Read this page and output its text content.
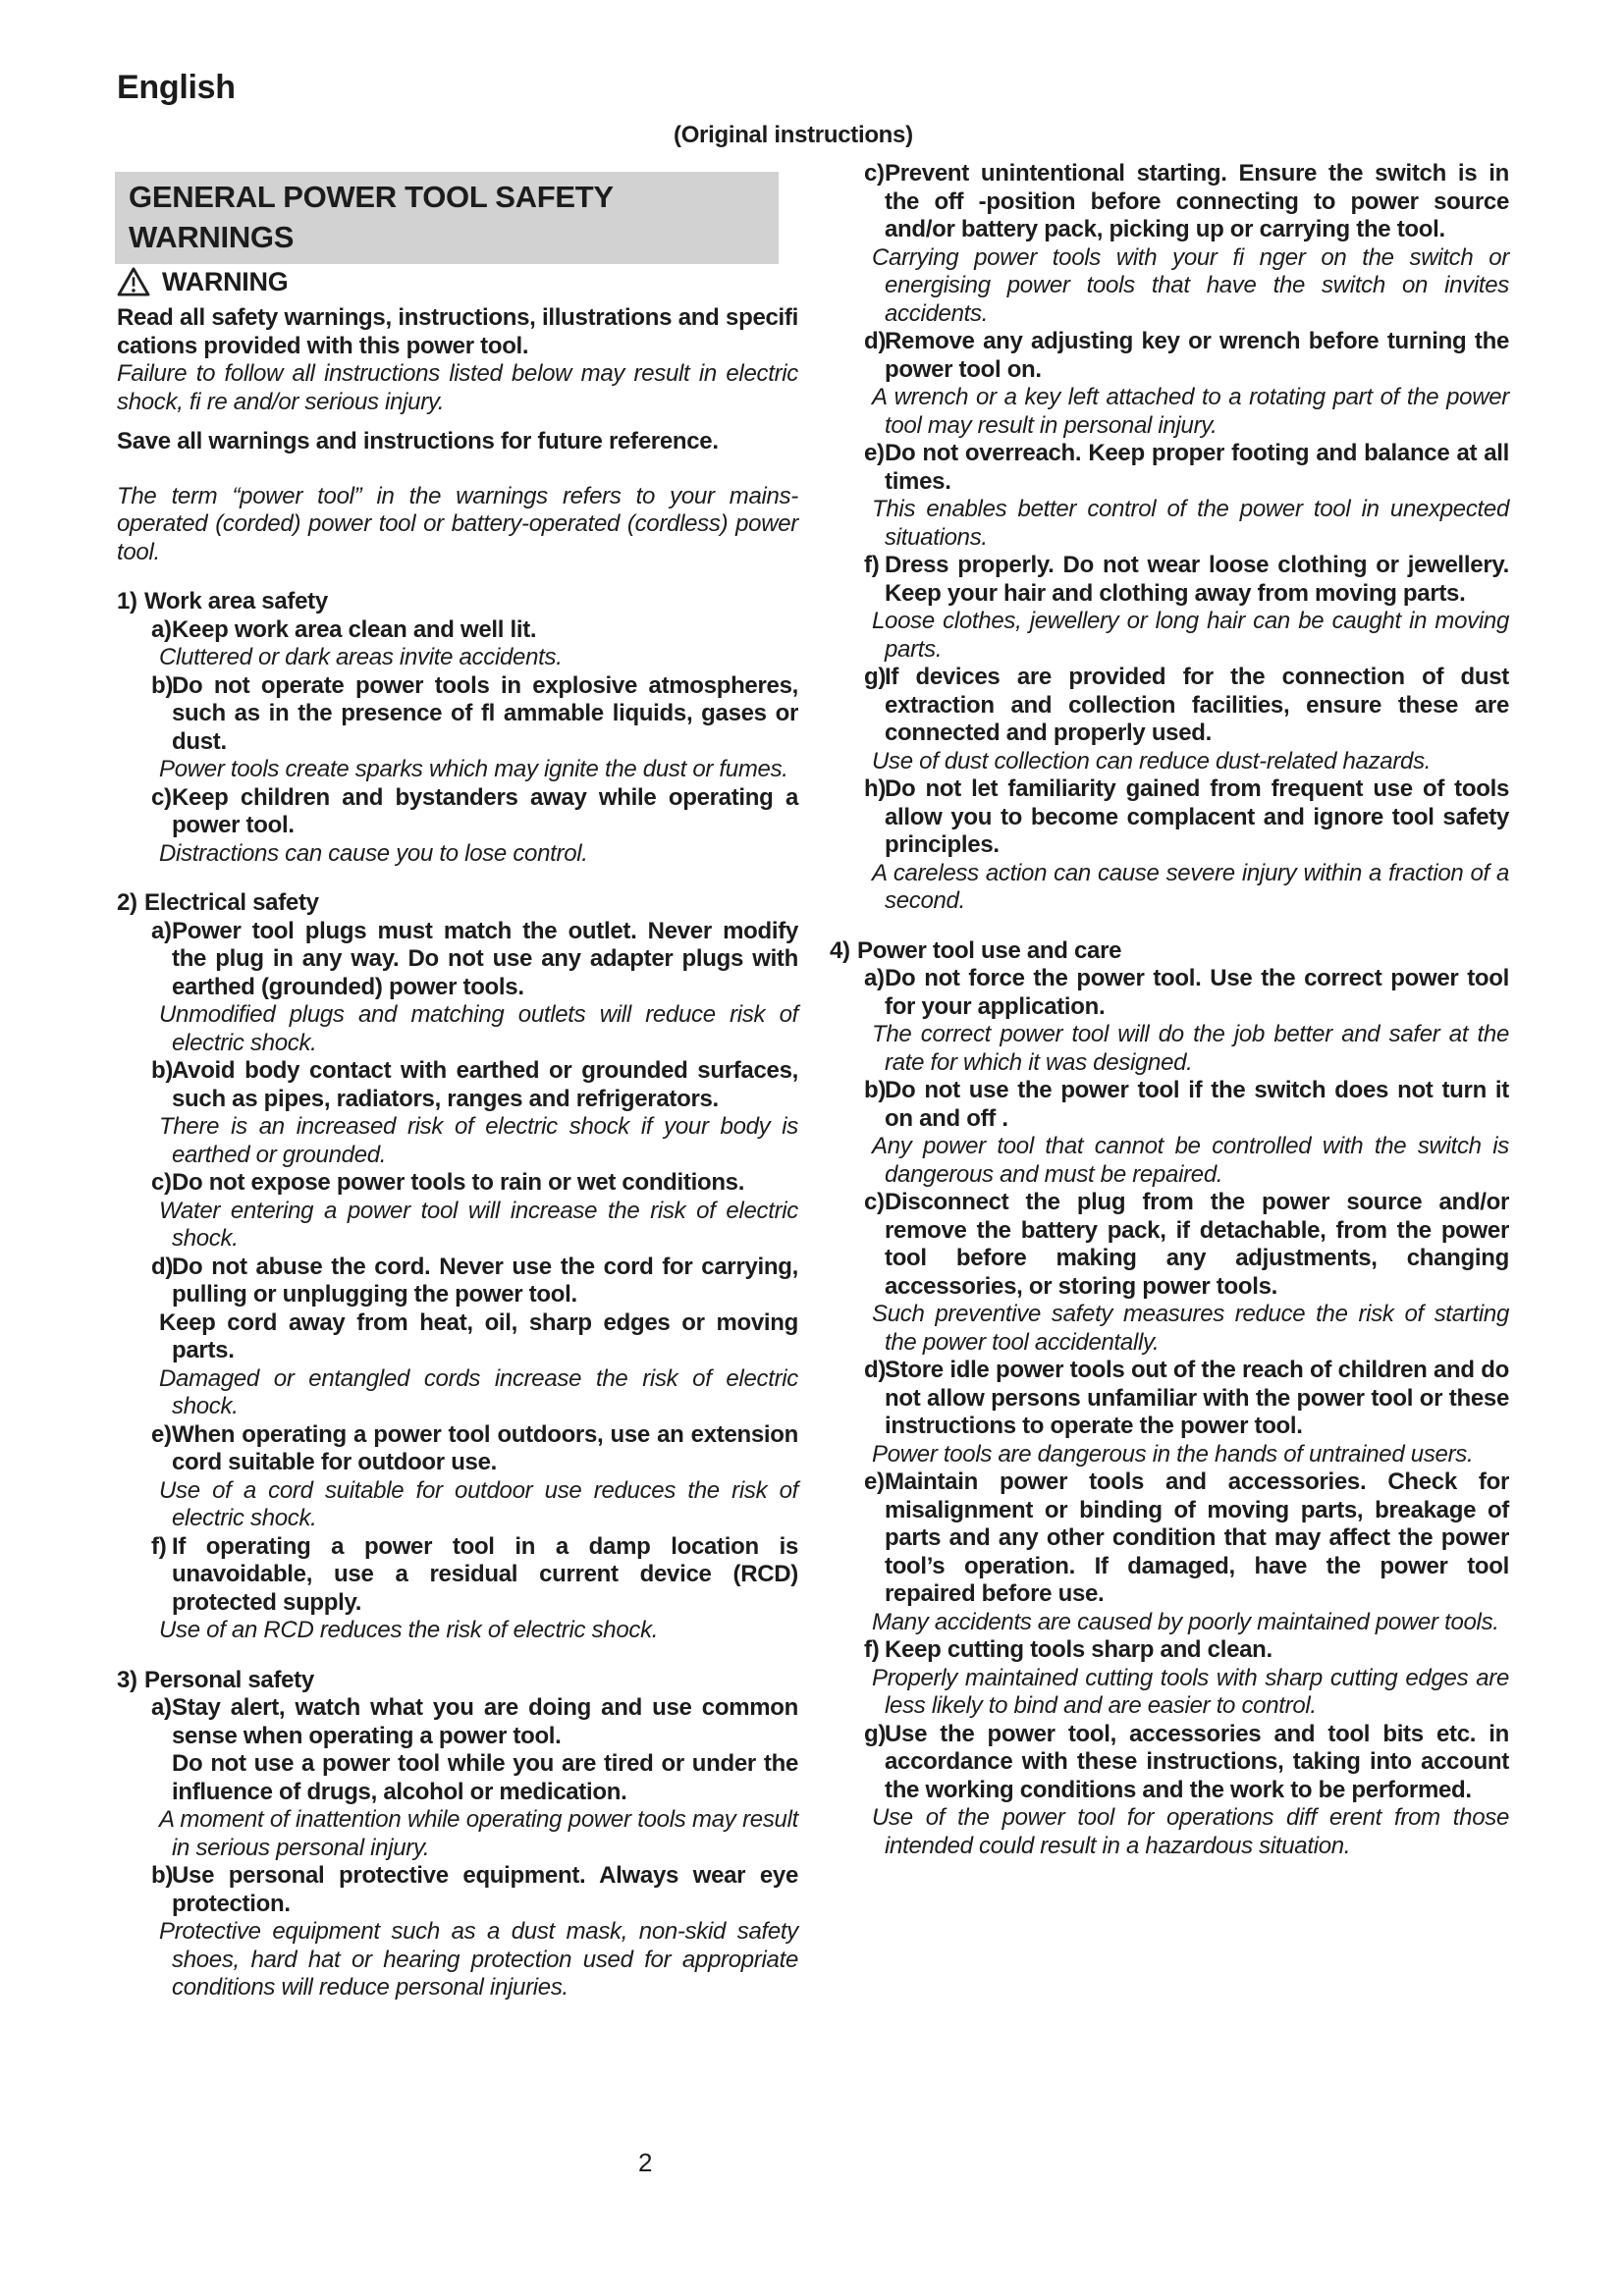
English
(Original instructions)
GENERAL POWER TOOL SAFETY
WARNINGS
WARNING
Read all safety warnings, instructions, illustrations and specifi cations provided with this power tool.
Failure to follow all instructions listed below may result in electric shock, fi re and/or serious injury.
Save all warnings and instructions for future reference.
The term “power tool” in the warnings refers to your mains-operated (corded) power tool or battery-operated (cordless) power tool.
1) Work area safety
a)Keep work area clean and well lit.
Cluttered or dark areas invite accidents.
b)Do not operate power tools in explosive atmospheres, such as in the presence of fl ammable liquids, gases or dust.
Power tools create sparks which may ignite the dust or fumes.
c)Keep children and bystanders away while operating a power tool.
Distractions can cause you to lose control.
2) Electrical safety
a)Power tool plugs must match the outlet. Never modify the plug in any way. Do not use any adapter plugs with earthed (grounded) power tools.
Unmodified plugs and matching outlets will reduce risk of electric shock.
b)Avoid body contact with earthed or grounded surfaces, such as pipes, radiators, ranges and refrigerators.
There is an increased risk of electric shock if your body is earthed or grounded.
c)Do not expose power tools to rain or wet conditions.
Water entering a power tool will increase the risk of electric shock.
d)Do not abuse the cord. Never use the cord for carrying, pulling or unplugging the power tool.
Keep cord away from heat, oil, sharp edges or moving parts.
Damaged or entangled cords increase the risk of electric shock.
e)When operating a power tool outdoors, use an extension cord suitable for outdoor use.
Use of a cord suitable for outdoor use reduces the risk of electric shock.
f) If operating a power tool in a damp location is unavoidable, use a residual current device (RCD) protected supply.
Use of an RCD reduces the risk of electric shock.
3) Personal safety
a)Stay alert, watch what you are doing and use common sense when operating a power tool.
Do not use a power tool while you are tired or under the influence of drugs, alcohol or medication.
A moment of inattention while operating power tools may result in serious personal injury.
b)Use personal protective equipment. Always wear eye protection.
Protective equipment such as a dust mask, non-skid safety shoes, hard hat or hearing protection used for appropriate conditions will reduce personal injuries.
c)Prevent unintentional starting. Ensure the switch is in the off -position before connecting to power source and/or battery pack, picking up or carrying the tool.
Carrying power tools with your fi nger on the switch or energising power tools that have the switch on invites accidents.
d)Remove any adjusting key or wrench before turning the power tool on.
A wrench or a key left attached to a rotating part of the power tool may result in personal injury.
e)Do not overreach. Keep proper footing and balance at all times.
This enables better control of the power tool in unexpected situations.
f) Dress properly. Do not wear loose clothing or jewellery. Keep your hair and clothing away from moving parts.
Loose clothes, jewellery or long hair can be caught in moving parts.
g)If devices are provided for the connection of dust extraction and collection facilities, ensure these are connected and properly used.
Use of dust collection can reduce dust-related hazards.
h)Do not let familiarity gained from frequent use of tools allow you to become complacent and ignore tool safety principles.
A careless action can cause severe injury within a fraction of a second.
4) Power tool use and care
a)Do not force the power tool. Use the correct power tool for your application.
The correct power tool will do the job better and safer at the rate for which it was designed.
b)Do not use the power tool if the switch does not turn it on and off .
Any power tool that cannot be controlled with the switch is dangerous and must be repaired.
c)Disconnect the plug from the power source and/or remove the battery pack, if detachable, from the power tool before making any adjustments, changing accessories, or storing power tools.
Such preventive safety measures reduce the risk of starting the power tool accidentally.
d)Store idle power tools out of the reach of children and do not allow persons unfamiliar with the power tool or these instructions to operate the power tool.
Power tools are dangerous in the hands of untrained users.
e)Maintain power tools and accessories. Check for misalignment or binding of moving parts, breakage of parts and any other condition that may affect the power tool’s operation. If damaged, have the power tool repaired before use.
Many accidents are caused by poorly maintained power tools.
f) Keep cutting tools sharp and clean.
Properly maintained cutting tools with sharp cutting edges are less likely to bind and are easier to control.
g)Use the power tool, accessories and tool bits etc. in accordance with these instructions, taking into account the working conditions and the work to be performed.
Use of the power tool for operations diff erent from those intended could result in a hazardous situation.
2
